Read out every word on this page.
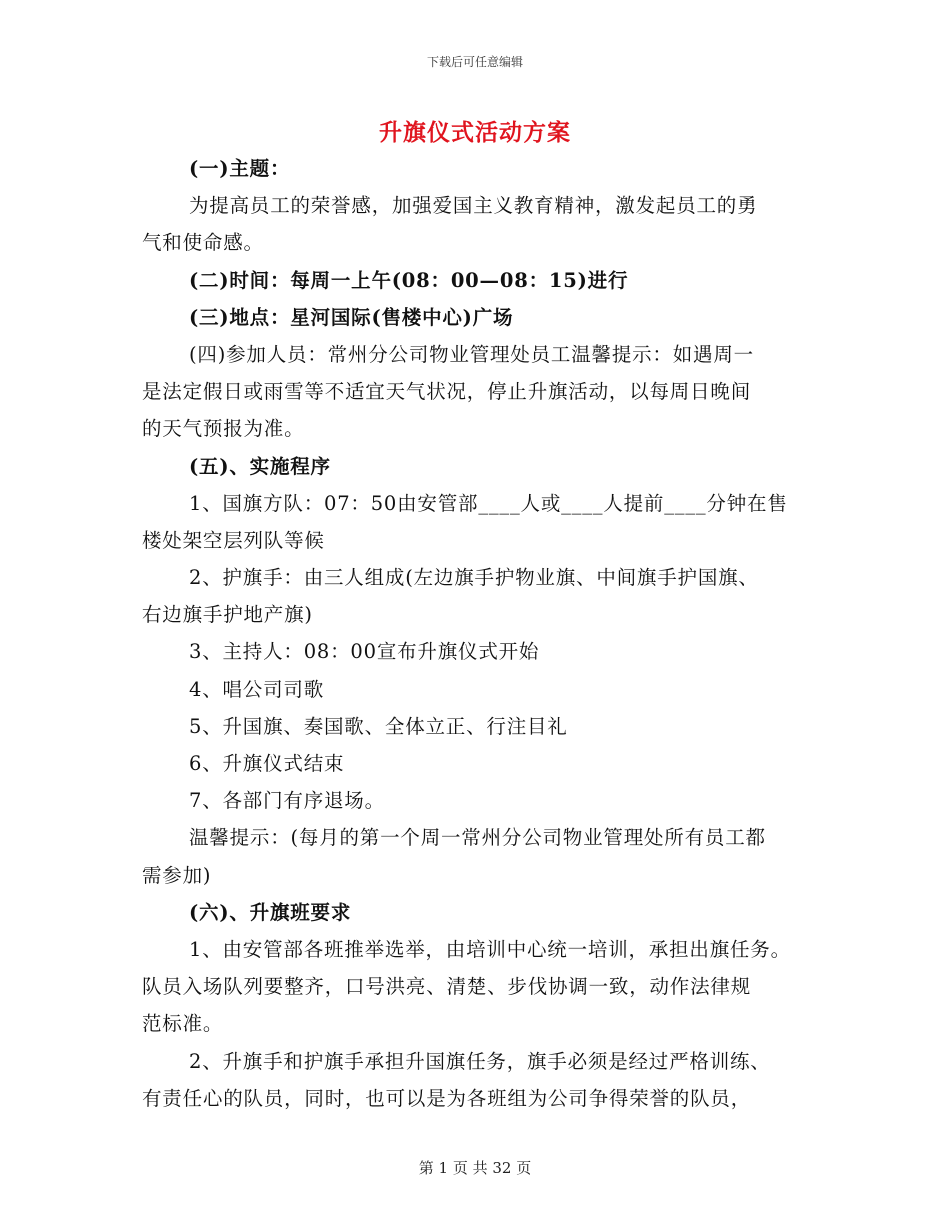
下载后可任意编辑
升旗仪式活动方案
(一)主题：
为提高员工的荣誉感，加强爱国主义教育精神，激发起员工的勇
气和使命感。
(二)时间：每周一上午(08：00—08：15)进行
(三)地点：星河国际(售楼中心)广场
(四)参加人员：常州分公司物业管理处员工温馨提示：如遇周一
是法定假日或雨雪等不适宜天气状况，停止升旗活动，以每周日晚间
的天气预报为准。
(五)、实施程序
1、国旗方队：07：50由安管部____人或____人提前____分钟在售
楼处架空层列队等候
2、护旗手：由三人组成(左边旗手护物业旗、中间旗手护国旗、
右边旗手护地产旗)
3、主持人：08：00宣布升旗仪式开始
4、唱公司司歌
5、升国旗、奏国歌、全体立正、行注目礼
6、升旗仪式结束
7、各部门有序退场。
温馨提示：(每月的第一个周一常州分公司物业管理处所有员工都
需参加)
(六)、升旗班要求
1、由安管部各班推举选举，由培训中心统一培训，承担出旗任务。
队员入场队列要整齐，口号洪亮、清楚、步伐协调一致，动作法律规
范标准。
2、升旗手和护旗手承担升国旗任务，旗手必须是经过严格训练、
有责任心的队员，同时，也可以是为各班组为公司争得荣誉的队员，
第 1 页 共 32 页
